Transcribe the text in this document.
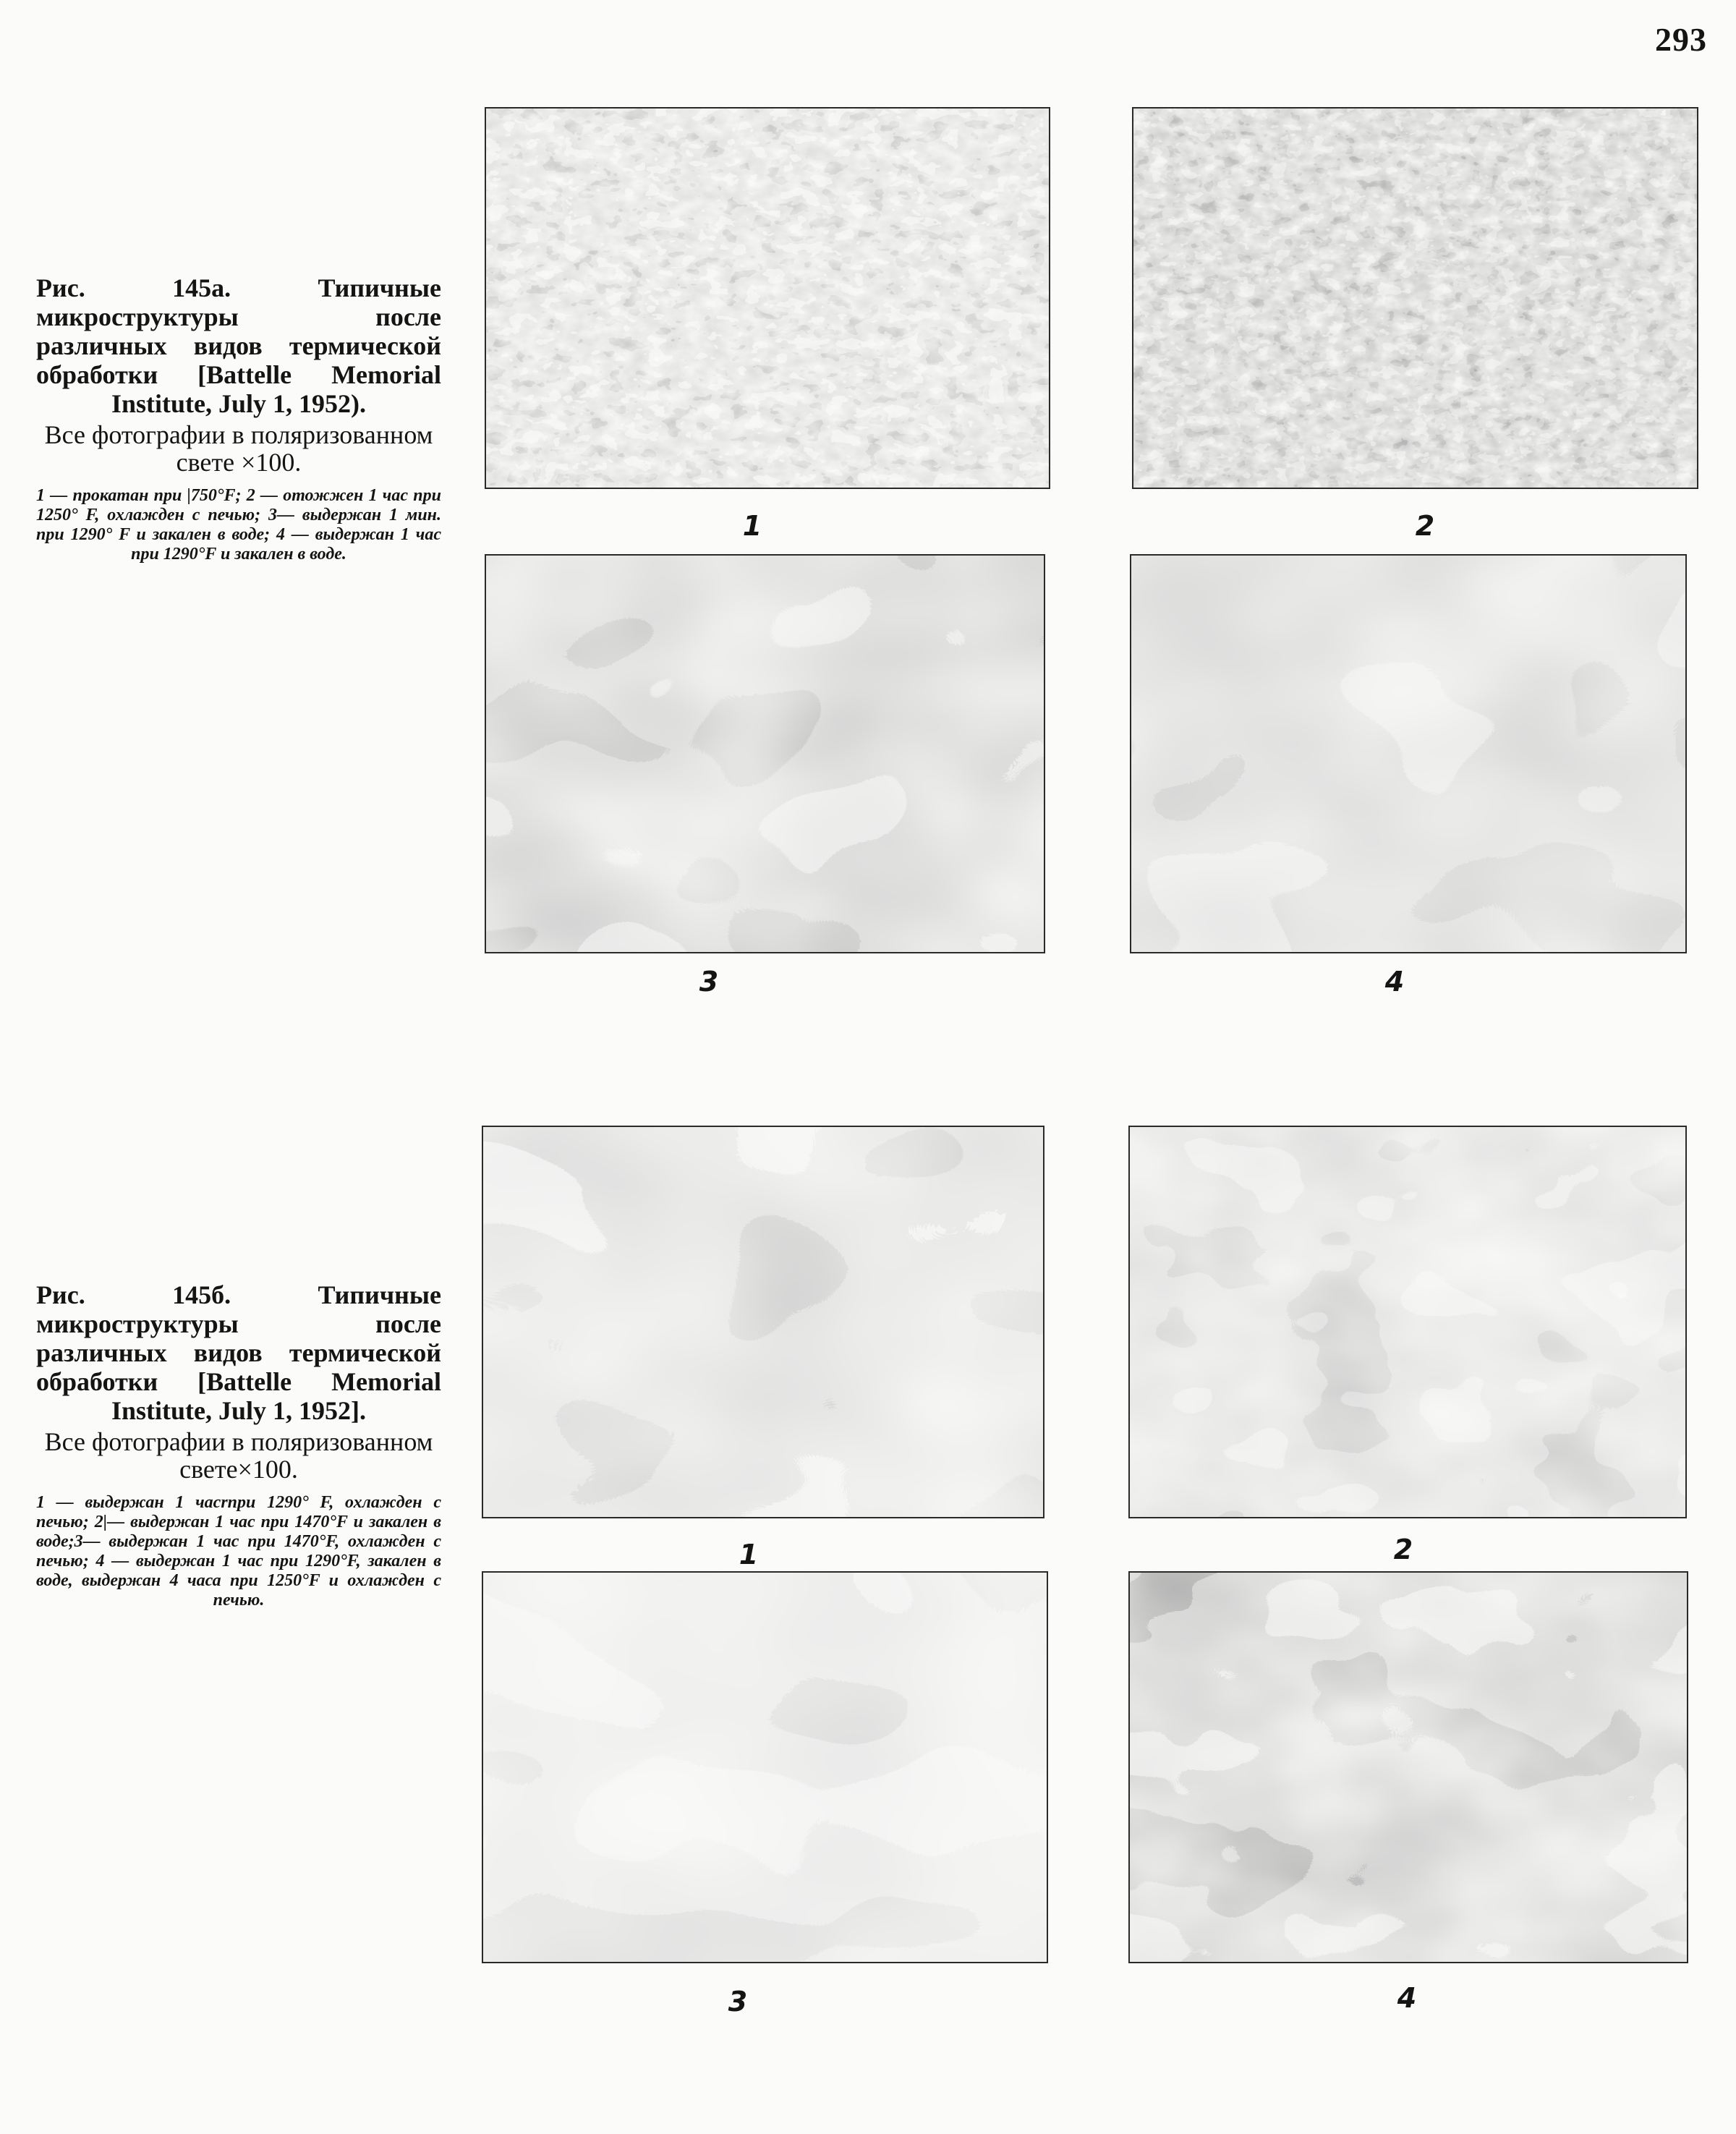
293

Рис. 145а. Типичные микроструктуры после различных видов термической обработки [Battelle Memorial Institute, July 1, 1952).

Все фотографии в поляризованном свете ×100.

1 — прокатан при |750°F; 2 — отожжен 1 час при 1250° F, охлажден с печью; 3— выдержан 1 мин. при 1290° F и закален в воде; 4 — выдержан 1 час при 1290°F и закален в воде.

Рис. 145б. Типичные микроструктуры после различных видов термической обработки [Battelle Memorial Institute, July 1, 1952].

Все фотографии в поляризованном свете×100.

1 — выдержан 1 часrпри 1290° F, охлажден с печью; 2|— выдержан 1 час при 1470°F и закален в воде;3— выдержан 1 час при 1470°F, охлажден с печью; 4 — выдержан 1 час при 1290°F, закален в воде, выдержан 4 часа при 1250°F и охлажден с печью.

1	2
3	4
1	2
3	4
